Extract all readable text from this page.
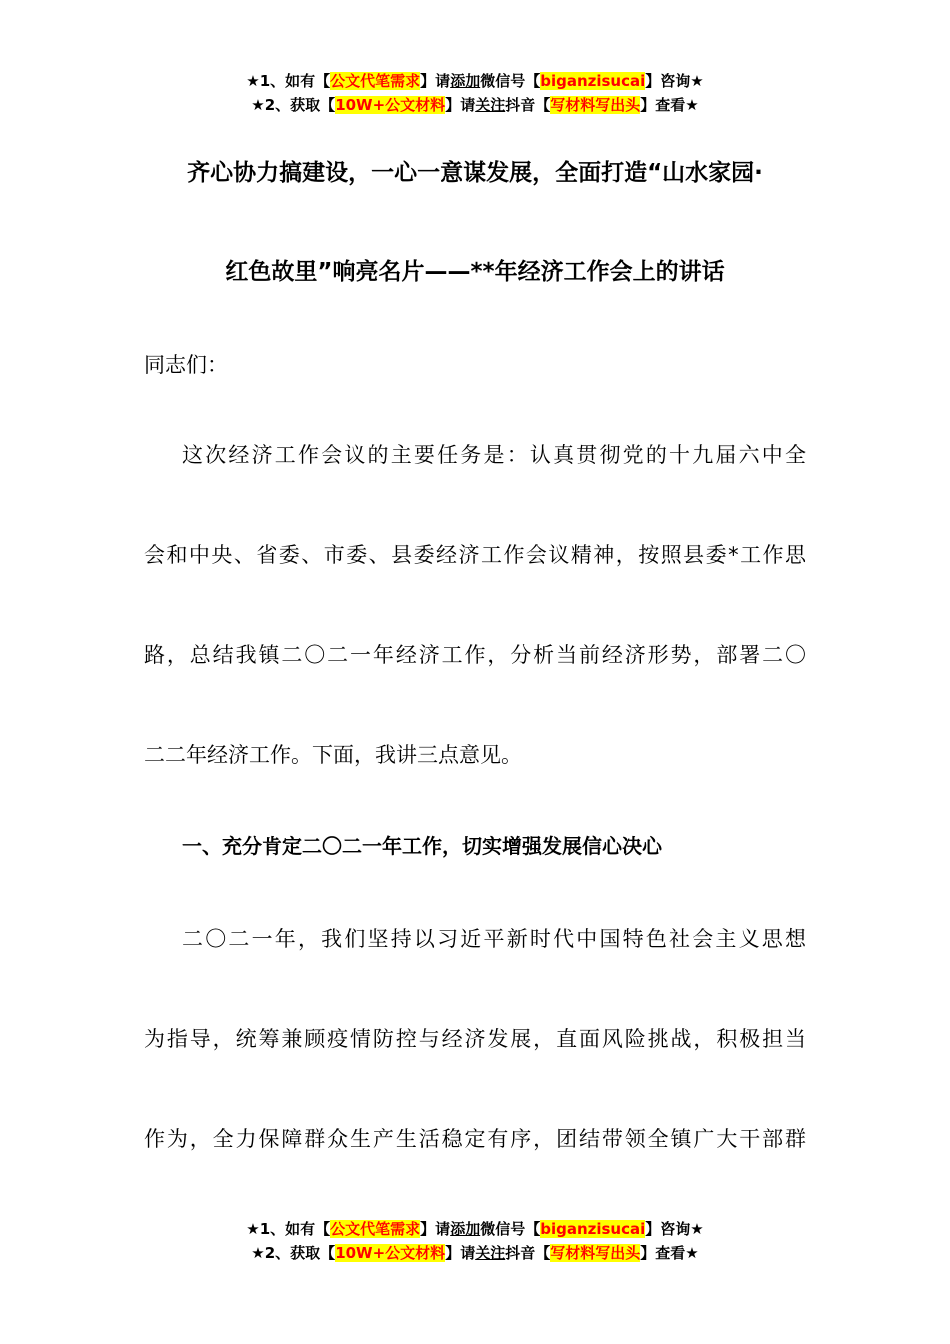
★1、如有【公文代笔需求】请添加微信号【biganzisucai】咨询★
★2、获取【10W+公文材料】请关注抖音【写材料写出头】查看★
齐心协力搞建设，一心一意谋发展，全面打造“山水家园·
红色故里”响亮名片——**年经济工作会上的讲话
同志们：
这次经济工作会议的主要任务是：认真贯彻党的十九届六中全
会和中央、省委、市委、县委经济工作会议精神，按照县委*工作思
路，总结我镇二〇二一年经济工作，分析当前经济形势，部署二〇
二二年经济工作。下面，我讲三点意见。
一、充分肯定二〇二一年工作，切实增强发展信心决心
二〇二一年，我们坚持以习近平新时代中国特色社会主义思想
为指导，统筹兼顾疫情防控与经济发展，直面风险挑战，积极担当
作为，全力保障群众生产生活稳定有序，团结带领全镇广大干部群
★1、如有【公文代笔需求】请添加微信号【biganzisucai】咨询★
★2、获取【10W+公文材料】请关注抖音【写材料写出头】查看★
